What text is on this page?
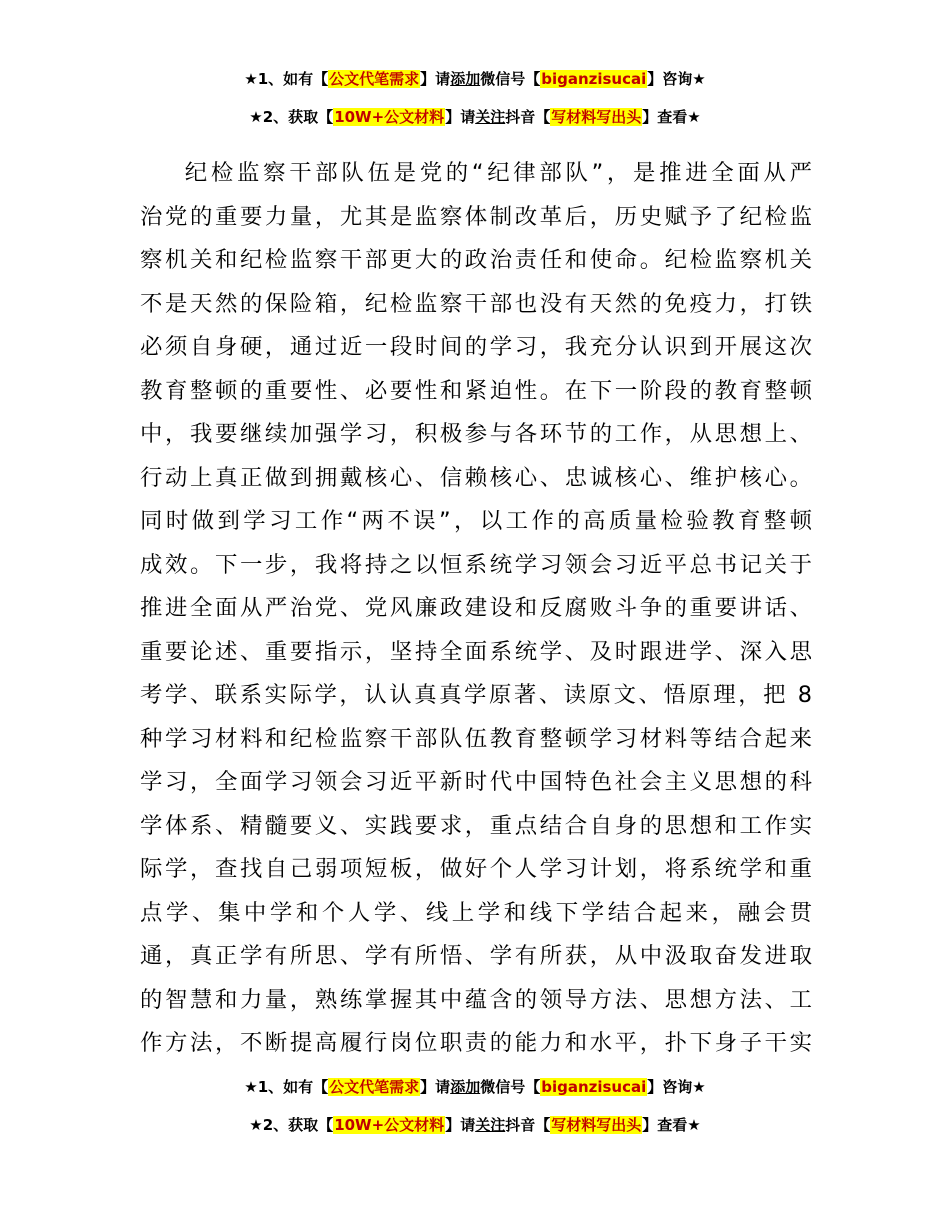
★1、如有【公文代笔需求】请添加微信号【biganzisucai】咨询★
★2、获取【10W+公文材料】请关注抖音【写材料写出头】查看★
纪检监察干部队伍是党的“纪律部队”，是推进全面从严
治党的重要力量，尤其是监察体制改革后，历史赋予了纪检监
察机关和纪检监察干部更大的政治责任和使命。纪检监察机关
不是天然的保险箱，纪检监察干部也没有天然的免疫力，打铁
必须自身硬，通过近一段时间的学习，我充分认识到开展这次
教育整顿的重要性、必要性和紧迫性。在下一阶段的教育整顿
中，我要继续加强学习，积极参与各环节的工作，从思想上、
行动上真正做到拥戴核心、信赖核心、忠诚核心、维护核心。
同时做到学习工作“两不误”，以工作的高质量检验教育整顿
成效。下一步，我将持之以恒系统学习领会习近平总书记关于
推进全面从严治党、党风廉政建设和反腐败斗争的重要讲话、
重要论述、重要指示，坚持全面系统学、及时跟进学、深入思
考学、联系实际学，认认真真学原著、读原文、悟原理，把 8
种学习材料和纪检监察干部队伍教育整顿学习材料等结合起来
学习，全面学习领会习近平新时代中国特色社会主义思想的科
学体系、精髓要义、实践要求，重点结合自身的思想和工作实
际学，查找自己弱项短板，做好个人学习计划，将系统学和重
点学、集中学和个人学、线上学和线下学结合起来，融会贯
通，真正学有所思、学有所悟、学有所获，从中汲取奋发进取
的智慧和力量，熟练掌握其中蕴含的领导方法、思想方法、工
作方法，不断提高履行岗位职责的能力和水平，扑下身子干实
★1、如有【公文代笔需求】请添加微信号【biganzisucai】咨询★
★2、获取【10W+公文材料】请关注抖音【写材料写出头】查看★
